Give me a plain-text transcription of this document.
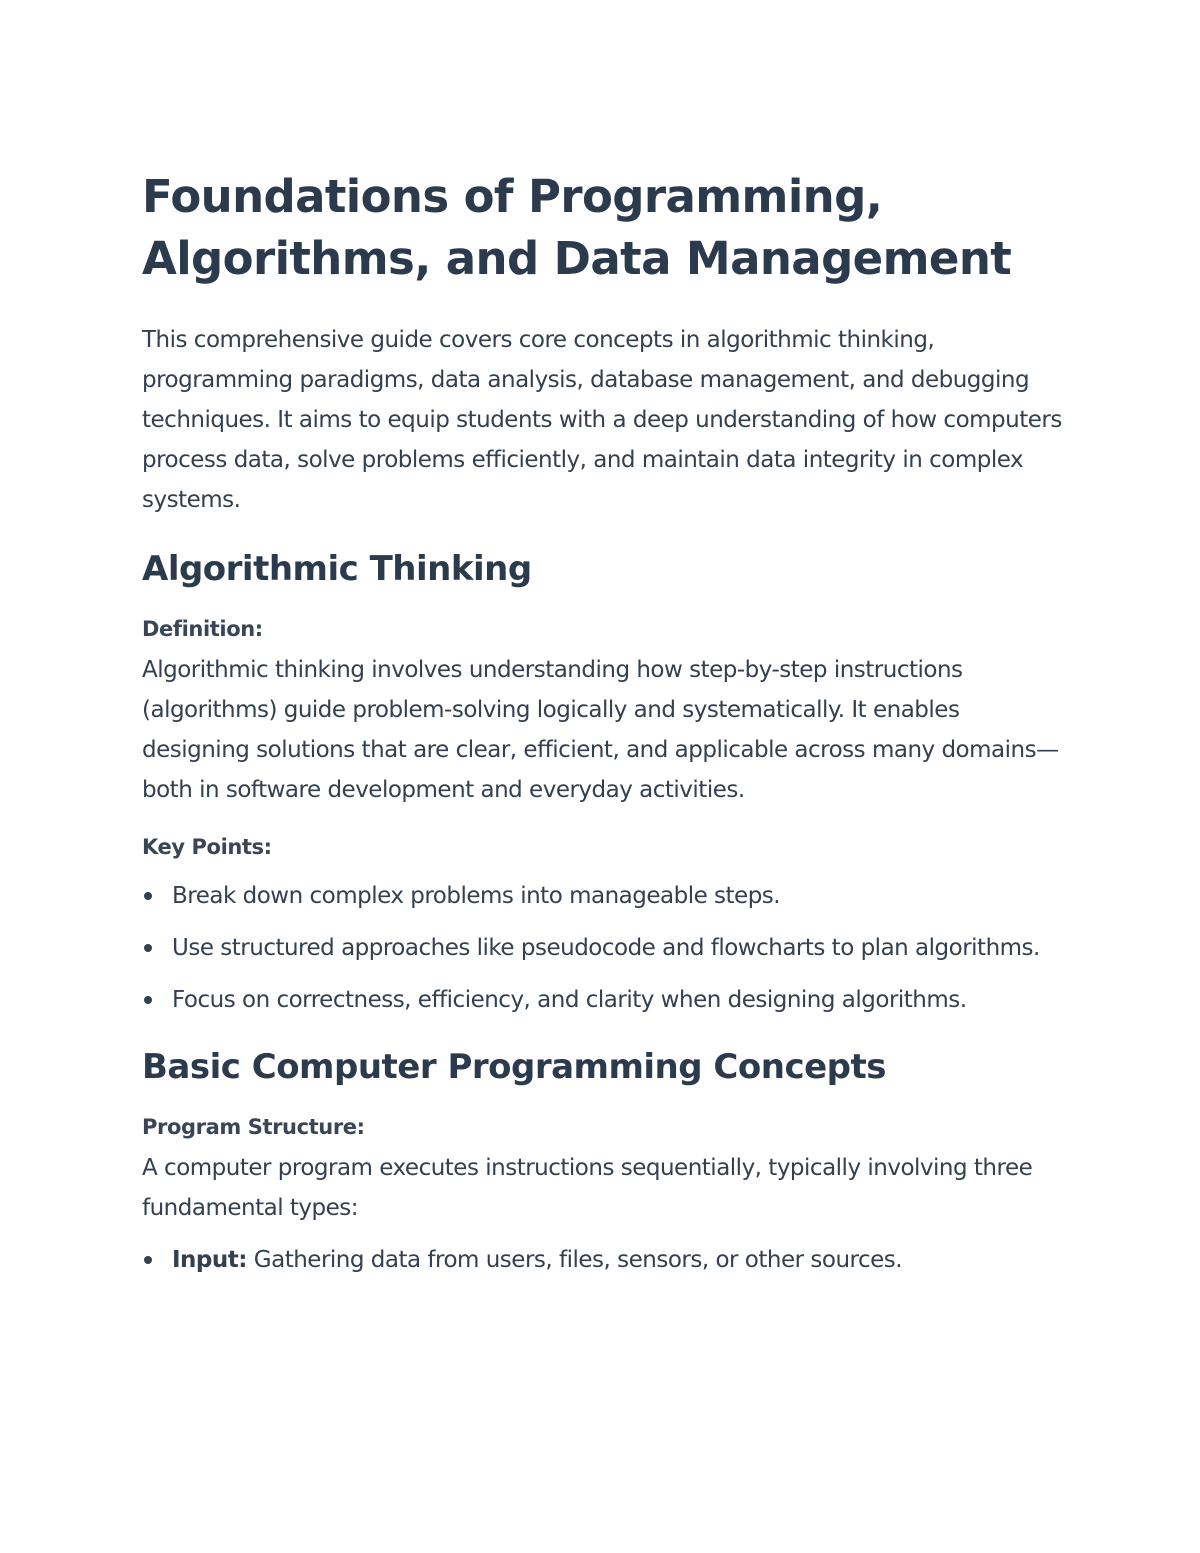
Foundations of Programming, Algorithms, and Data Management

This comprehensive guide covers core concepts in algorithmic thinking, programming paradigms, data analysis, database management, and debugging techniques. It aims to equip students with a deep understanding of how computers process data, solve problems efficiently, and maintain data integrity in complex systems.

Algorithmic Thinking

Definition:

Algorithmic thinking involves understanding how step-by-step instructions (algorithms) guide problem-solving logically and systematically. It enables designing solutions that are clear, efficient, and applicable across many domains—both in software development and everyday activities.

Key Points:

Break down complex problems into manageable steps.
Use structured approaches like pseudocode and flowcharts to plan algorithms.
Focus on correctness, efficiency, and clarity when designing algorithms.
Basic Computer Programming Concepts

Program Structure:

A computer program executes instructions sequentially, typically involving three fundamental types:

Input: Gathering data from users, files, sensors, or other sources.
